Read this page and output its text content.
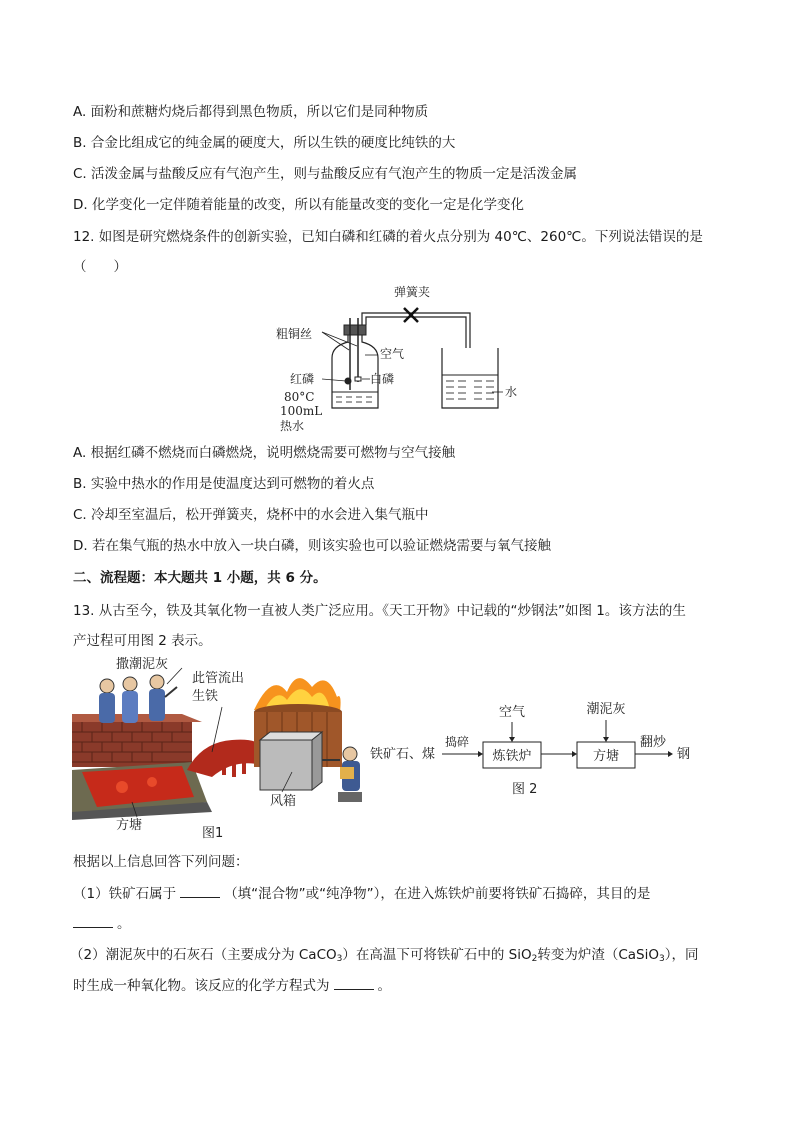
A. 面粉和蔗糖灼烧后都得到黑色物质，所以它们是同种物质
B. 合金比组成它的纯金属的硬度大，所以生铁的硬度比纯铁的大
C. 活泼金属与盐酸反应有气泡产生，则与盐酸反应有气泡产生的物质一定是活泼金属
D. 化学变化一定伴随着能量的改变，所以有能量改变的变化一定是化学变化
12. 如图是研究燃烧条件的创新实验，已知白磷和红磷的着火点分别为 40℃、260℃。下列说法错误的是
（　　）
弹簧夹
粗铜丝
空气
红磷	白磷
80°C
100mL
热水
水
A. 根据红磷不燃烧而白磷燃烧，说明燃烧需要可燃物与空气接触
B. 实验中热水的作用是使温度达到可燃物的着火点
C. 冷却至室温后，松开弹簧夹，烧杯中的水会进入集气瓶中
D. 若在集气瓶的热水中放入一块白磷，则该实验也可以验证燃烧需要与氧气接触
二、流程题：本大题共 1 小题，共 6 分。
13. 从古至今，铁及其氧化物一直被人类广泛应用。《天工开物》中记载的“炒钢法”如图 1。该方法的生
产过程可用图 2 表示。
撒潮泥灰
此管流出
生铁
风箱
方塘
图1
铁矿石、煤
捣碎
炼铁炉
空气
方塘
潮泥灰
翻炒
钢
图 2
根据以上信息回答下列问题：
（1）铁矿石属于	（填“混合物”或“纯净物”），在进入炼铁炉前要将铁矿石捣碎，其目的是
。
（2）潮泥灰中的石灰石（主要成分为 CaCO$_3$）在高温下可将铁矿石中的 SiO$_2$转变为炉渣（CaSiO$_3$），同
时生成一种氧化物。该反应的化学方程式为	。
